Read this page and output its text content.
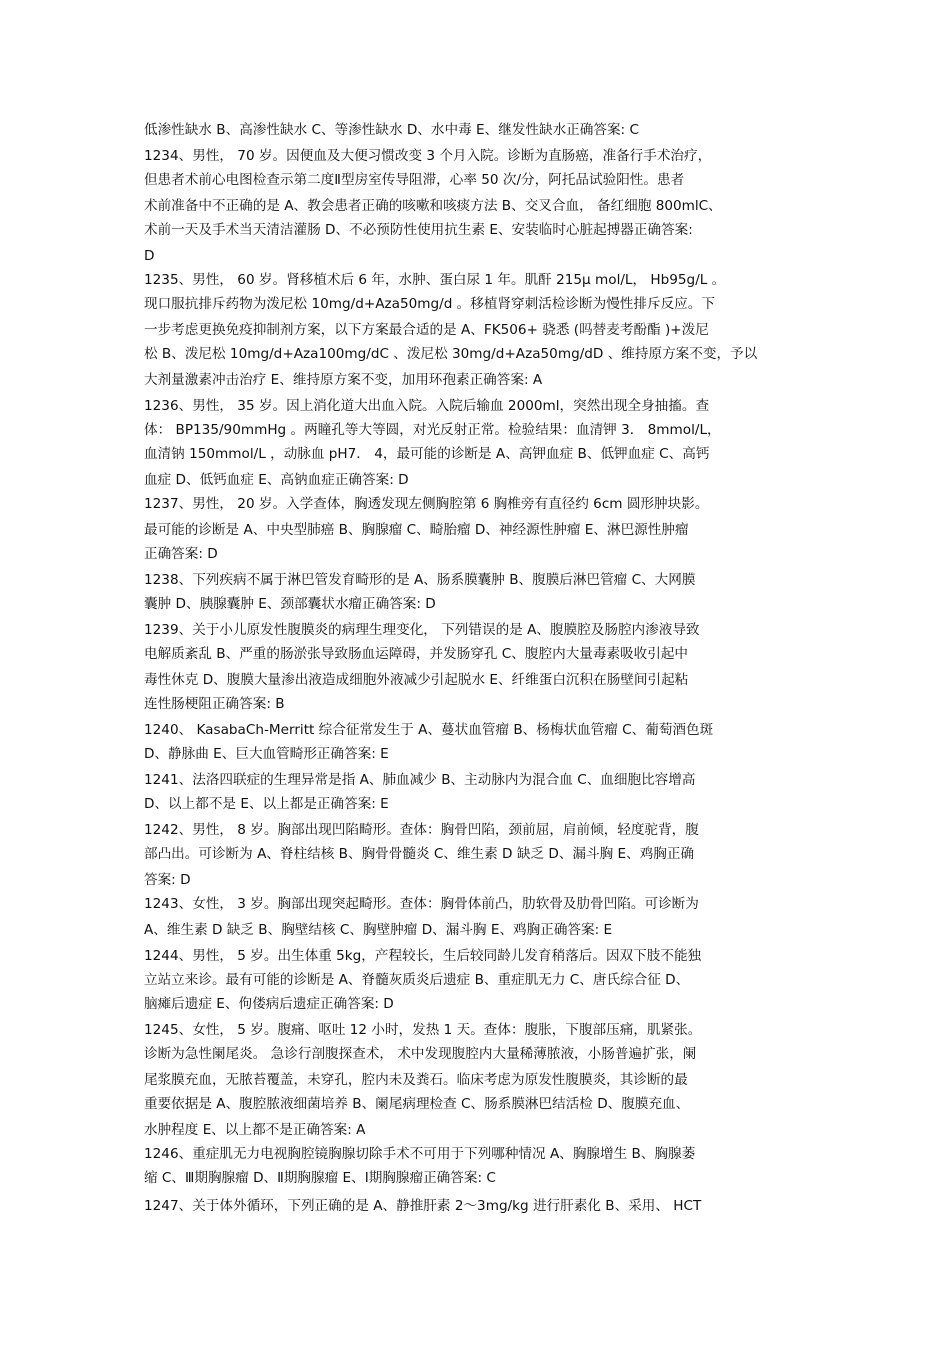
低渗性缺水 B、高渗性缺水 C、等渗性缺水 D、水中毒 E、继发性缺水正确答案: C
1234、男性， 70 岁。因便血及大便习惯改变 3 个月入院。诊断为直肠癌，准备行手术治疗，
但患者术前心电图检查示第二度Ⅱ型房室传导阻滞，心率 50 次/分，阿托品试验阳性。患者
术前准备中不正确的是 A、教会患者正确的咳嗽和咳痰方法 B、交叉合血， 备红细胞 800mlC、
术前一天及手术当天清洁灌肠 D、不必预防性使用抗生素 E、安装临时心脏起搏器正确答案:
D
1235、男性， 60 岁。肾移植术后 6 年，水肿、蛋白尿 1 年。肌酐 215μ mol/L， Hb95g/L 。
现口服抗排斥药物为泼尼松 10mg/d+Aza50mg/d 。移植肾穿刺活检诊断为慢性排斥反应。下
一步考虑更换免疫抑制剂方案，以下方案最合适的是 A、FK506+ 骁悉 (吗替麦考酚酯 )+泼尼
松 B、泼尼松 10mg/d+Aza100mg/dC 、泼尼松 30mg/d+Aza50mg/dD 、维持原方案不变，予以
大剂量激素冲击治疗 E、维持原方案不变，加用环孢素正确答案: A
1236、男性， 35 岁。因上消化道大出血入院。入院后输血 2000ml，突然出现全身抽搐。查
体： BP135/90mmHg 。两瞳孔等大等圆，对光反射正常。检验结果：血清钾 3． 8mmol/L，
血清钠 150mmol/L ，动脉血 pH7． 4，最可能的诊断是 A、高钾血症 B、低钾血症 C、高钙
血症 D、低钙血症 E、高钠血症正确答案: D
1237、男性， 20 岁。入学查体，胸透发现左侧胸腔第 6 胸椎旁有直径约 6cm 圆形肿块影。
最可能的诊断是 A、中央型肺癌 B、胸腺瘤 C、畸胎瘤 D、神经源性肿瘤 E、淋巴源性肿瘤
正确答案: D
1238、下列疾病不属于淋巴管发育畸形的是 A、肠系膜囊肿 B、腹膜后淋巴管瘤 C、大网膜
囊肿 D、胰腺囊肿 E、颈部囊状水瘤正确答案: D
1239、关于小儿原发性腹膜炎的病理生理变化， 下列错误的是 A、腹膜腔及肠腔内渗液导致
电解质紊乱 B、严重的肠淤张导致肠血运障碍，并发肠穿孔 C、腹腔内大量毒素吸收引起中
毒性休克 D、腹膜大量渗出液造成细胞外液减少引起脱水 E、纤维蛋白沉积在肠壁间引起粘
连性肠梗阻正确答案: B
1240、 KasabaCh-Merritt 综合征常发生于 A、蔓状血管瘤 B、杨梅状血管瘤 C、葡萄酒色斑
D、静脉曲 E、巨大血管畸形正确答案: E
1241、法洛四联症的生理异常是指 A、肺血减少 B、主动脉内为混合血 C、血细胞比容增高
D、以上都不是 E、以上都是正确答案: E
1242、男性， 8 岁。胸部出现凹陷畸形。查体：胸骨凹陷，颈前屈，肩前倾，轻度驼背，腹
部凸出。可诊断为 A、脊柱结核 B、胸骨骨髓炎 C、维生素 D 缺乏 D、漏斗胸 E、鸡胸正确
答案: D
1243、女性， 3 岁。胸部出现突起畸形。查体：胸骨体前凸，肋软骨及肋骨凹陷。可诊断为
A、维生素 D 缺乏 B、胸壁结核 C、胸壁肿瘤 D、漏斗胸 E、鸡胸正确答案: E
1244、男性， 5 岁。出生体重 5kg，产程较长，生后较同龄儿发育稍落后。因双下肢不能独
立站立来诊。最有可能的诊断是 A、脊髓灰质炎后遗症 B、重症肌无力 C、唐氏综合征 D、
脑瘫后遗症 E、佝偻病后遗症正确答案: D
1245、女性， 5 岁。腹痛、呕吐 12 小时，发热 1 天。查体：腹胀，下腹部压痛，肌紧张。
诊断为急性阑尾炎。 急诊行剖腹探查术， 术中发现腹腔内大量稀薄脓液，小肠普遍扩张，阑
尾浆膜充血，无脓苔覆盖，未穿孔，腔内未及粪石。临床考虑为原发性腹膜炎，其诊断的最
重要依据是 A、腹腔脓液细菌培养 B、阑尾病理检查 C、肠系膜淋巴结活检 D、腹膜充血、
水肿程度 E、以上都不是正确答案: A
1246、重症肌无力电视胸腔镜胸腺切除手术不可用于下列哪种情况 A、胸腺增生 B、胸腺萎
缩 C、Ⅲ期胸腺瘤 D、Ⅱ期胸腺瘤 E、Ⅰ期胸腺瘤正确答案: C
1247、关于体外循环，下列正确的是 A、静推肝素 2～3mg/kg 进行肝素化 B、采用、 HCT
